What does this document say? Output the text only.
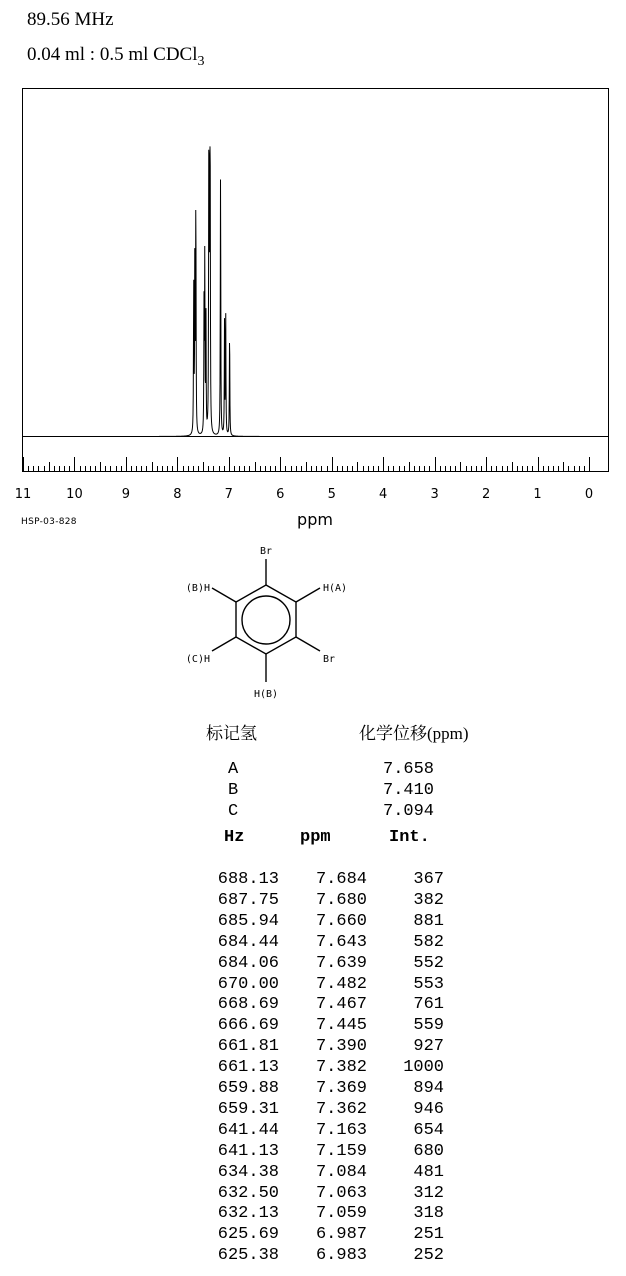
89.56 MHz
0.04 ml : 0.5 ml CDCl$_3$
11	10	9	8	7	6	5	4	3	2	1	0
ppm
HSP-03-828
Br
H(A)
Br
H(B)
(C)H
(B)H
标记氢	化学位移(ppm)
A	7.658
B	7.410
C	7.094
Hz	ppm	Int.
688.13 7.684	367
687.75 7.680	382
685.94 7.660	881
684.44 7.643	582
684.06 7.639	552
670.00 7.482	553
668.69 7.467	761
666.69 7.445	559
661.81 7.390	927
661.13 7.382 1000
659.88 7.369	894
659.31 7.362	946
641.44 7.163	654
641.13 7.159	680
634.38 7.084	481
632.50 7.063	312
632.13 7.059	318
625.69 6.987	251
625.38 6.983	252
